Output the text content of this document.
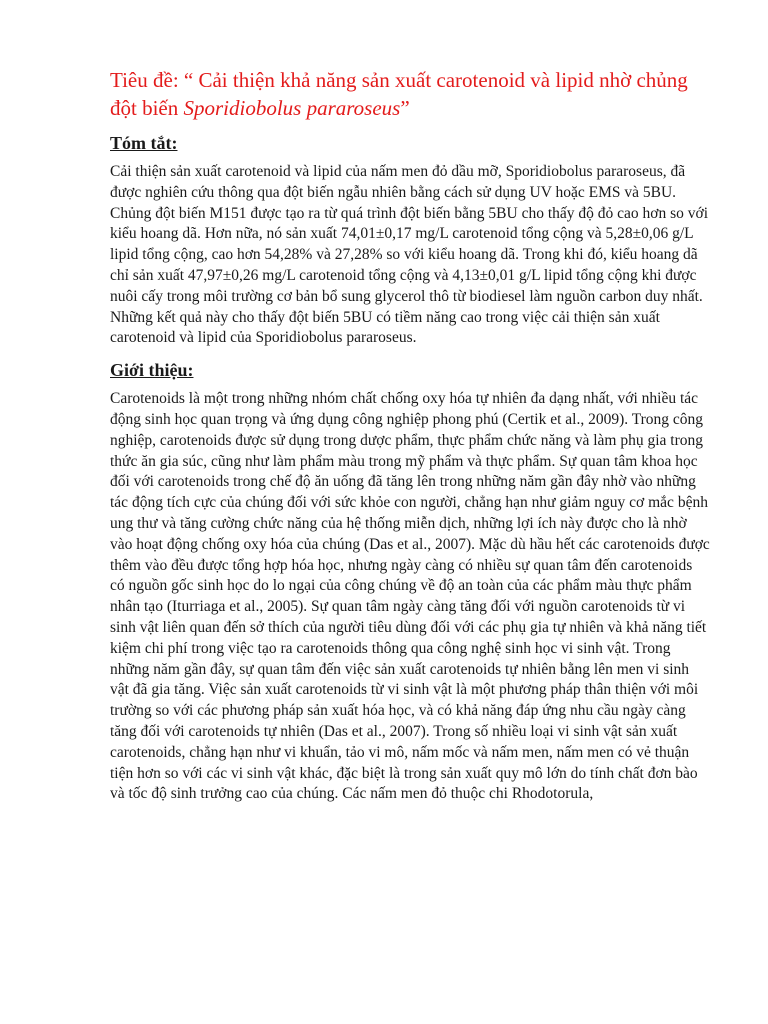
Tiêu đề: “ Cải thiện khả năng sản xuất carotenoid và lipid nhờ chủng đột biến Sporidiobolus pararoseus”
Tóm tắt:

Cải thiện sản xuất carotenoid và lipid của nấm men đỏ dầu mỡ, Sporidiobolus pararoseus, đã được nghiên cứu thông qua đột biến ngẫu nhiên bằng cách sử dụng UV hoặc EMS và 5BU. Chủng đột biến M151 được tạo ra từ quá trình đột biến bằng 5BU cho thấy độ đỏ cao hơn so với kiểu hoang dã. Hơn nữa, nó sản xuất 74,01±0,17 mg/L carotenoid tổng cộng và 5,28±0,06 g/L lipid tổng cộng, cao hơn 54,28% và 27,28% so với kiểu hoang dã. Trong khi đó, kiểu hoang dã chỉ sản xuất 47,97±0,26 mg/L carotenoid tổng cộng và 4,13±0,01 g/L lipid tổng cộng khi được nuôi cấy trong môi trường cơ bản bổ sung glycerol thô từ biodiesel làm nguồn carbon duy nhất. Những kết quả này cho thấy đột biến 5BU có tiềm năng cao trong việc cải thiện sản xuất carotenoid và lipid của Sporidiobolus pararoseus.

Giới thiệu:

Carotenoids là một trong những nhóm chất chống oxy hóa tự nhiên đa dạng nhất, với nhiều tác động sinh học quan trọng và ứng dụng công nghiệp phong phú (Certik et al., 2009). Trong công nghiệp, carotenoids được sử dụng trong dược phẩm, thực phẩm chức năng và làm phụ gia trong thức ăn gia súc, cũng như làm phẩm màu trong mỹ phẩm và thực phẩm. Sự quan tâm khoa học đối với carotenoids trong chế độ ăn uống đã tăng lên trong những năm gần đây nhờ vào những tác động tích cực của chúng đối với sức khỏe con người, chẳng hạn như giảm nguy cơ mắc bệnh ung thư và tăng cường chức năng của hệ thống miễn dịch, những lợi ích này được cho là nhờ vào hoạt động chống oxy hóa của chúng (Das et al., 2007). Mặc dù hầu hết các carotenoids được thêm vào đều được tổng hợp hóa học, nhưng ngày càng có nhiều sự quan tâm đến carotenoids có nguồn gốc sinh học do lo ngại của công chúng về độ an toàn của các phẩm màu thực phẩm nhân tạo (Iturriaga et al., 2005). Sự quan tâm ngày càng tăng đối với nguồn carotenoids từ vi sinh vật liên quan đến sở thích của người tiêu dùng đối với các phụ gia tự nhiên và khả năng tiết kiệm chi phí trong việc tạo ra carotenoids thông qua công nghệ sinh học vi sinh vật. Trong những năm gần đây, sự quan tâm đến việc sản xuất carotenoids tự nhiên bằng lên men vi sinh vật đã gia tăng. Việc sản xuất carotenoids từ vi sinh vật là một phương pháp thân thiện với môi trường so với các phương pháp sản xuất hóa học, và có khả năng đáp ứng nhu cầu ngày càng tăng đối với carotenoids tự nhiên (Das et al., 2007). Trong số nhiều loại vi sinh vật sản xuất carotenoids, chẳng hạn như vi khuẩn, tảo vi mô, nấm mốc và nấm men, nấm men có vẻ thuận tiện hơn so với các vi sinh vật khác, đặc biệt là trong sản xuất quy mô lớn do tính chất đơn bào và tốc độ sinh trưởng cao của chúng. Các nấm men đỏ thuộc chi Rhodotorula,
